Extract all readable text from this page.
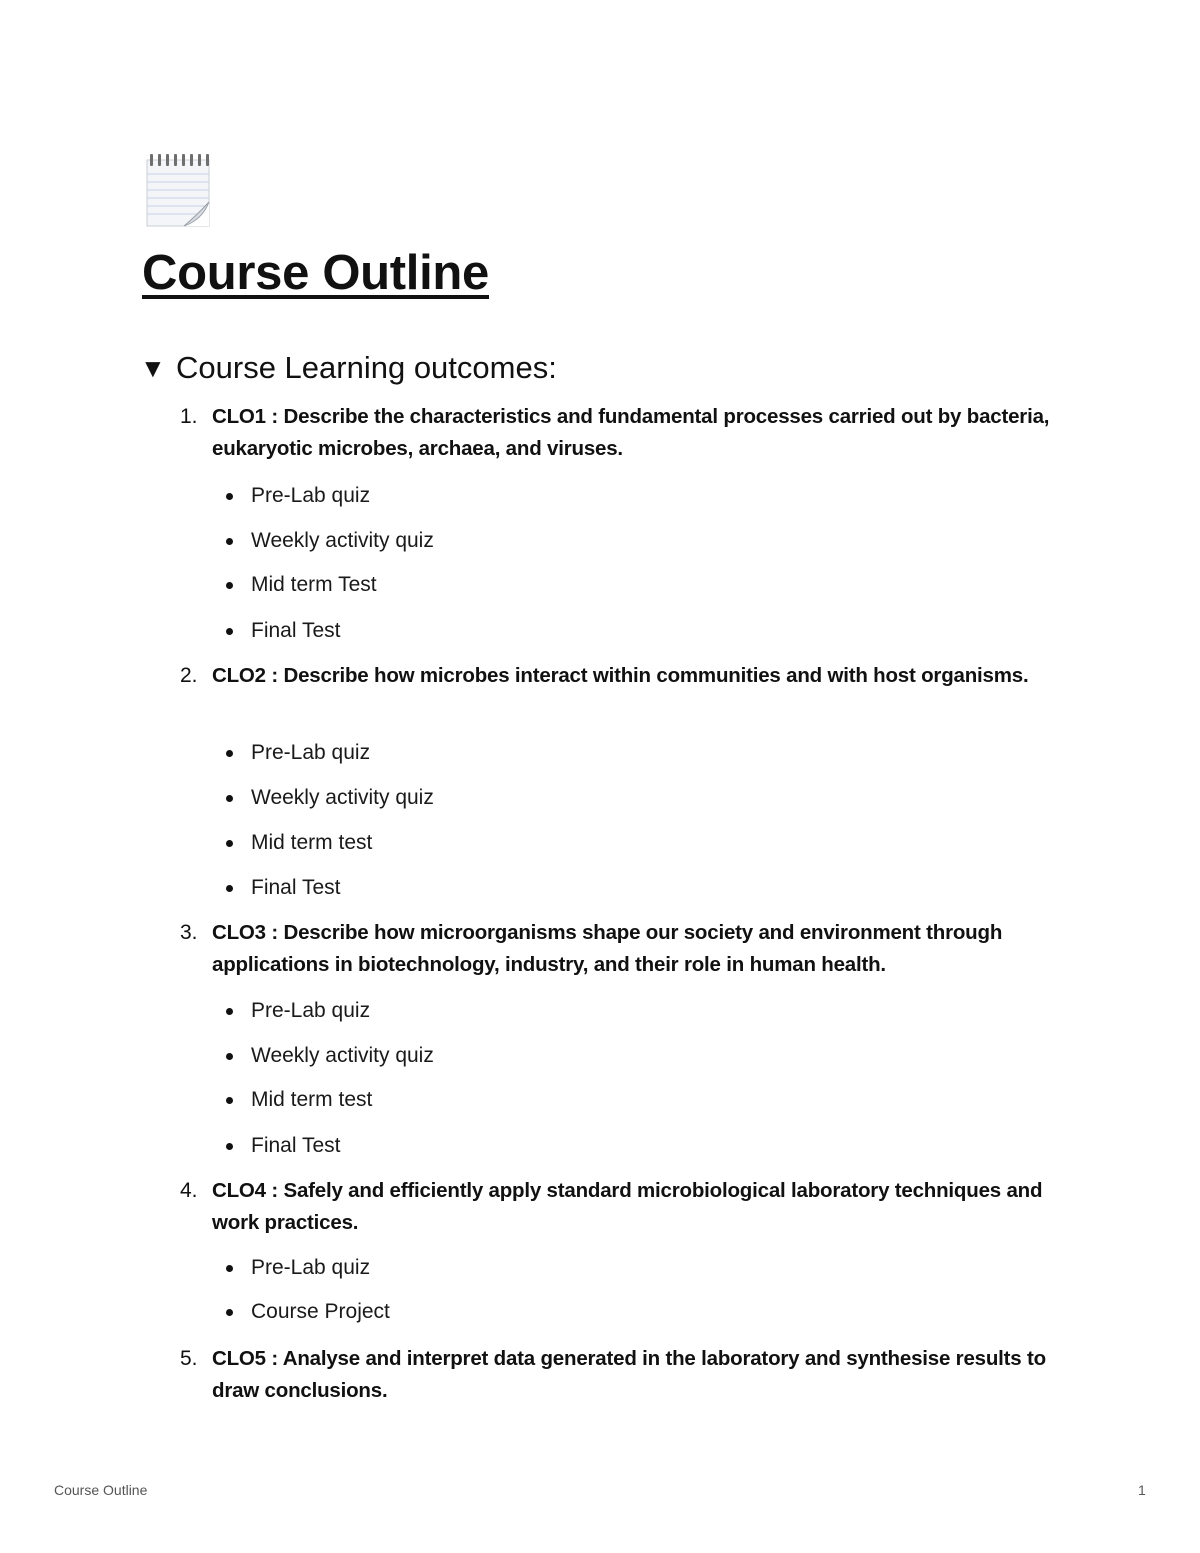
Course Outline
▼ Course Learning outcomes:
1. CLO1 : Describe the characteristics and fundamental processes carried out by bacteria, eukaryotic microbes, archaea, and viruses.
Pre-Lab quiz
Weekly activity quiz
Mid term Test
Final Test
2. CLO2 : Describe how microbes interact within communities and with host organisms.
Pre-Lab quiz
Weekly activity quiz
Mid term test
Final Test
3. CLO3 : Describe how microorganisms shape our society and environment through applications in biotechnology, industry, and their role in human health.
Pre-Lab quiz
Weekly activity quiz
Mid term test
Final Test
4. CLO4 : Safely and efficiently apply standard microbiological laboratory techniques and work practices.
Pre-Lab quiz
Course Project
5. CLO5 : Analyse and interpret data generated in the laboratory and synthesise results to draw conclusions.
Course Outline	1
